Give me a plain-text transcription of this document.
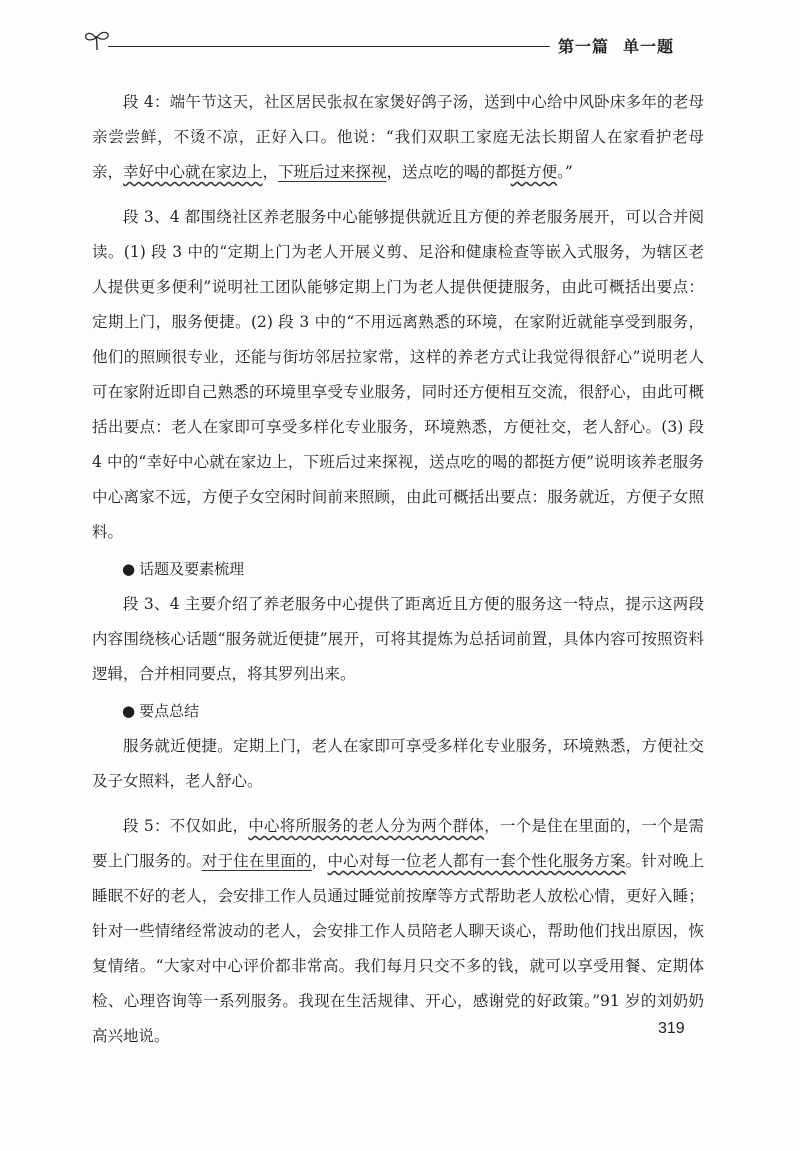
第一篇 单一题

段 4：端午节这天，社区居民张叔在家煲好鸽子汤，送到中心给中风卧床多年的老母亲尝尝鲜，不烫不凉，正好入口。他说：“我们双职工家庭无法长期留人在家看护老母亲，幸好中心就在家边上，下班后过来探视，送点吃的喝的都挺方便。”

段 3、4 都围绕社区养老服务中心能够提供就近且方便的养老服务展开，可以合并阅读。(1) 段 3 中的“定期上门为老人开展义剪、足浴和健康检查等嵌入式服务，为辖区老人提供更多便利”说明社工团队能够定期上门为老人提供便捷服务，由此可概括出要点：定期上门，服务便捷。(2) 段 3 中的“不用远离熟悉的环境，在家附近就能享受到服务，他们的照顾很专业，还能与街坊邻居拉家常，这样的养老方式让我觉得很舒心”说明老人可在家附近即自己熟悉的环境里享受专业服务，同时还方便相互交流，很舒心，由此可概括出要点：老人在家即可享受多样化专业服务，环境熟悉，方便社交，老人舒心。(3) 段 4 中的“幸好中心就在家边上，下班后过来探视，送点吃的喝的都挺方便”说明该养老服务中心离家不远，方便子女空闲时间前来照顾，由此可概括出要点：服务就近，方便子女照料。

● 话题及要素梳理

段 3、4 主要介绍了养老服务中心提供了距离近且方便的服务这一特点，提示这两段内容围绕核心话题“服务就近便捷”展开，可将其提炼为总括词前置，具体内容可按照资料逻辑，合并相同要点，将其罗列出来。

● 要点总结

服务就近便捷。定期上门，老人在家即可享受多样化专业服务，环境熟悉，方便社交及子女照料，老人舒心。

段 5：不仅如此，中心将所服务的老人分为两个群体，一个是住在里面的，一个是需要上门服务的。对于住在里面的，中心对每一位老人都有一套个性化服务方案。针对晚上睡眠不好的老人，会安排工作人员通过睡觉前按摩等方式帮助老人放松心情，更好入睡；针对一些情绪经常波动的老人，会安排工作人员陪老人聊天谈心，帮助他们找出原因，恢复情绪。“大家对中心评价都非常高。我们每月只交不多的钱，就可以享受用餐、定期体检、心理咨询等一系列服务。我现在生活规律、开心，感谢党的好政策。”91 岁的刘奶奶高兴地说。	319
